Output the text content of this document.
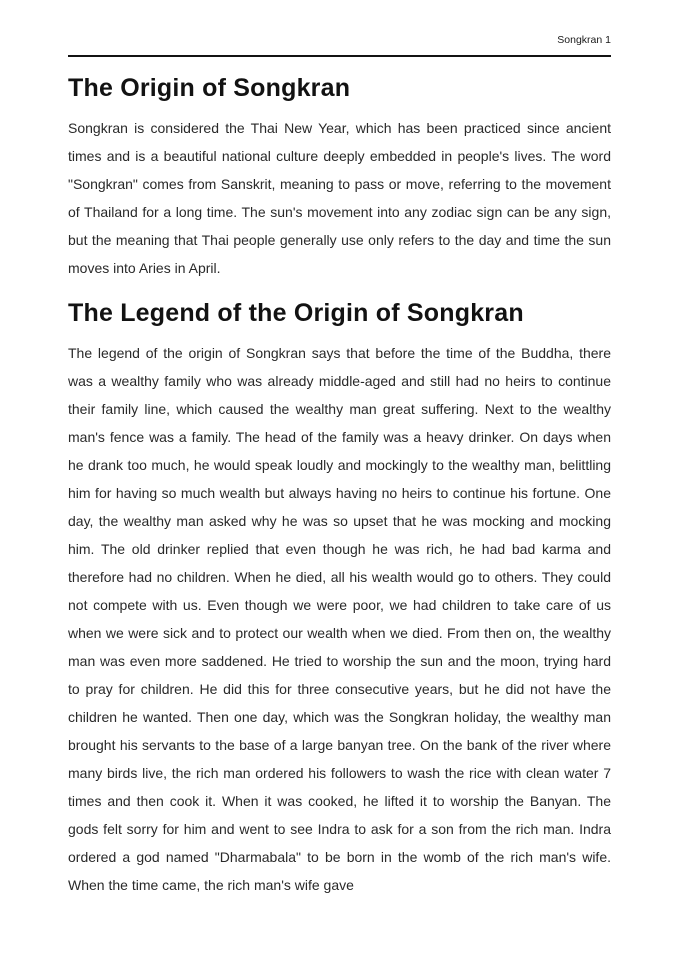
Songkran 1
The Origin of Songkran

Songkran is considered the Thai New Year, which has been practiced since ancient times and is a beautiful national culture deeply embedded in people's lives. The word "Songkran" comes from Sanskrit, meaning to pass or move, referring to the movement of Thailand for a long time. The sun's movement into any zodiac sign can be any sign, but the meaning that Thai people generally use only refers to the day and time the sun moves into Aries in April.

The Legend of the Origin of Songkran

The legend of the origin of Songkran says that before the time of the Buddha, there was a wealthy family who was already middle-aged and still had no heirs to continue their family line, which caused the wealthy man great suffering. Next to the wealthy man's fence was a family. The head of the family was a heavy drinker. On days when he drank too much, he would speak loudly and mockingly to the wealthy man, belittling him for having so much wealth but always having no heirs to continue his fortune. One day, the wealthy man asked why he was so upset that he was mocking and mocking him. The old drinker replied that even though he was rich, he had bad karma and therefore had no children. When he died, all his wealth would go to others. They could not compete with us. Even though we were poor, we had children to take care of us when we were sick and to protect our wealth when we died. From then on, the wealthy man was even more saddened. He tried to worship the sun and the moon, trying hard to pray for children. He did this for three consecutive years, but he did not have the children he wanted. Then one day, which was the Songkran holiday, the wealthy man brought his servants to the base of a large banyan tree. On the bank of the river where many birds live, the rich man ordered his followers to wash the rice with clean water 7 times and then cook it. When it was cooked, he lifted it to worship the Banyan. The gods felt sorry for him and went to see Indra to ask for a son from the rich man. Indra ordered a god named "Dharmabala" to be born in the womb of the rich man's wife. When the time came, the rich man's wife gave
